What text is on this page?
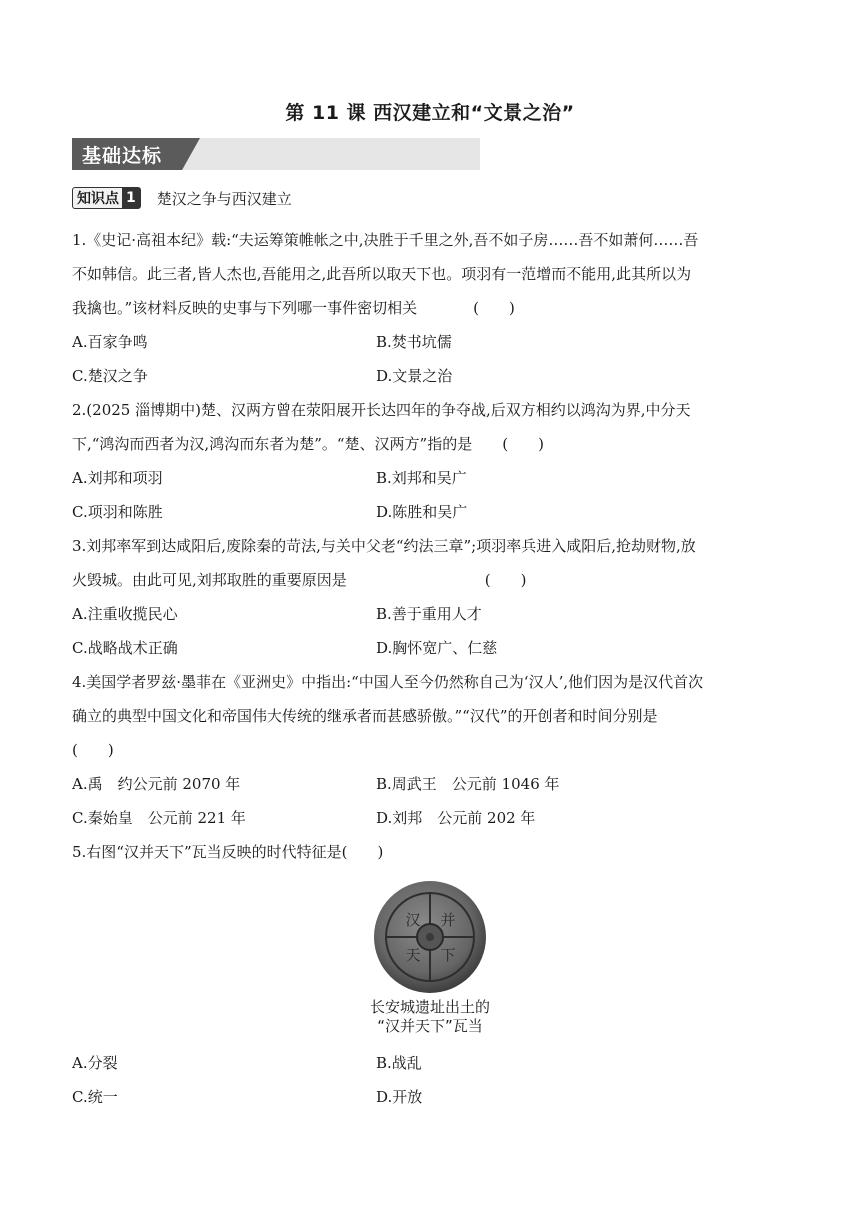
第 11 课 西汉建立和“文景之治”
基础达标
知识点 1 楚汉之争与西汉建立
1.《史记·高祖本纪》载:“夫运筹策帷帐之中,决胜于千里之外,吾不如子房……吾不如萧何……吾
不如韩信。此三者,皆人杰也,吾能用之,此吾所以取天下也。项羽有一范增而不能用,此其所以为
我擒也。”该材料反映的史事与下列哪一事件密切相关	(　　)
A.百家争鸣	B.焚书坑儒
C.楚汉之争	D.文景之治
2.(2025 淄博期中)楚、汉两方曾在荥阳展开长达四年的争夺战,后双方相约以鸿沟为界,中分天
下,“鸿沟而西者为汉,鸿沟而东者为楚”。“楚、汉两方”指的是 (　　)
A.刘邦和项羽	B.刘邦和吴广
C.项羽和陈胜	D.陈胜和吴广
3.刘邦率军到达咸阳后,废除秦的苛法,与关中父老“约法三章”;项羽率兵进入咸阳后,抢劫财物,放
火毁城。由此可见,刘邦取胜的重要原因是	(　　)
A.注重收揽民心	B.善于重用人才
C.战略战术正确	D.胸怀宽广、仁慈
4.美国学者罗兹·墨菲在《亚洲史》中指出:“中国人至今仍然称自己为‘汉人’,他们因为是汉代首次
确立的典型中国文化和帝国伟大传统的继承者而甚感骄傲。”“汉代”的开创者和时间分别是
(　　)
A.禹　约公元前 2070 年	B.周武王　公元前 1046 年
C.秦始皇　公元前 221 年	D.刘邦　公元前 202 年
5.右图“汉并天下”瓦当反映的时代特征是(　　)
汉 并
天 下
长安城遗址出土的
“汉并天下”瓦当
A.分裂	B.战乱
C.统一	D.开放
